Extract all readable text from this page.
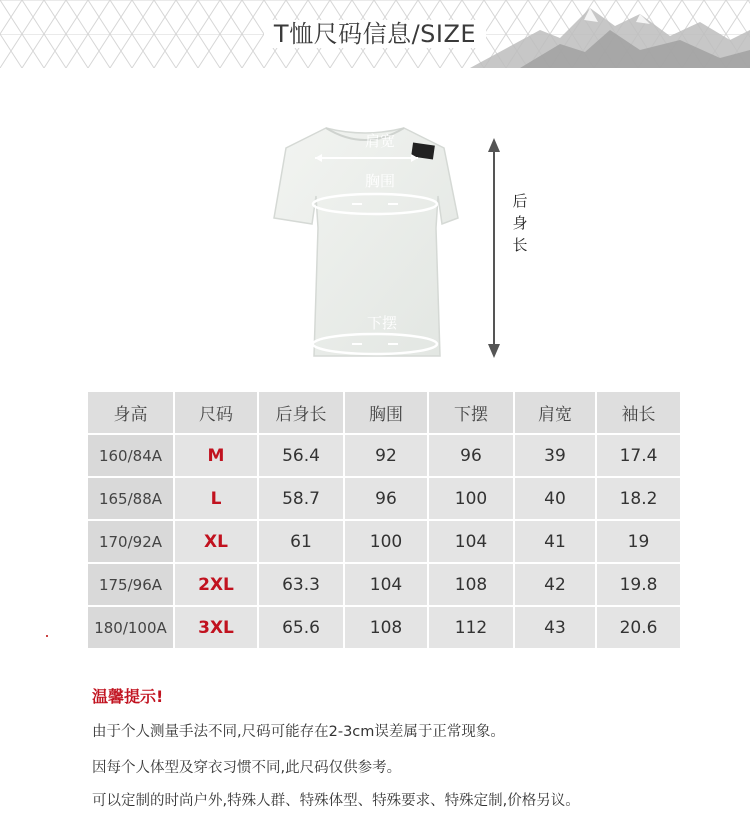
T恤尺码信息/SIZE
肩宽
胸围
下摆
后
身
长
身高	尺码	后身长	胸围	下摆	肩宽	袖长
160/84A	M	56.4	92	96	39	17.4
165/88A	L	58.7	96	100	40	18.2
170/92A	XL	61	100	104	41	19
175/96A	2XL	63.3	104	108	42	19.8
180/100A	3XL	65.6	108	112	43	20.6
温馨提示!
由于个人测量手法不同,尺码可能存在2-3cm误差属于正常现象。
因每个人体型及穿衣习惯不同,此尺码仅供参考。
可以定制的时尚户外,特殊人群、特殊体型、特殊要求、特殊定制,价格另议。
